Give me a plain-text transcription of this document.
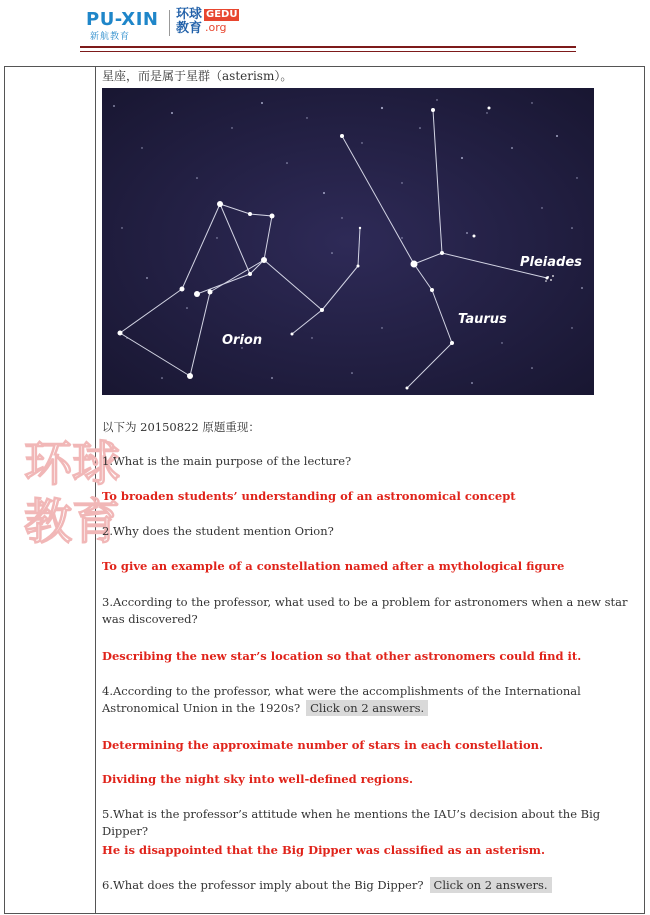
PU-XIN
新航教育
环球教育
GEDU
.org
环球
教育
星座，而是属于星群（asterism）。
Pleiades
Taurus
Orion
以下为 20150822 原题重现：
1.What is the main purpose of the lecture?
To broaden students’ understanding of an astronomical concept
2.Why does the student mention Orion?
To give an example of a constellation named after a mythological figure
3.According to the professor, what used to be a problem for astronomers when a new star was discovered?
Describing the new star’s location so that other astronomers could find it.
4.According to the professor, what were the accomplishments of the International Astronomical Union in the 1920s? Click on 2 answers.
Determining the approximate number of stars in each constellation.
Dividing the night sky into well-defined regions.
5.What is the professor’s attitude when he mentions the IAU’s decision about the Big Dipper?
He is disappointed that the Big Dipper was classified as an asterism.
6.What does the professor imply about the Big Dipper? Click on 2 answers.
